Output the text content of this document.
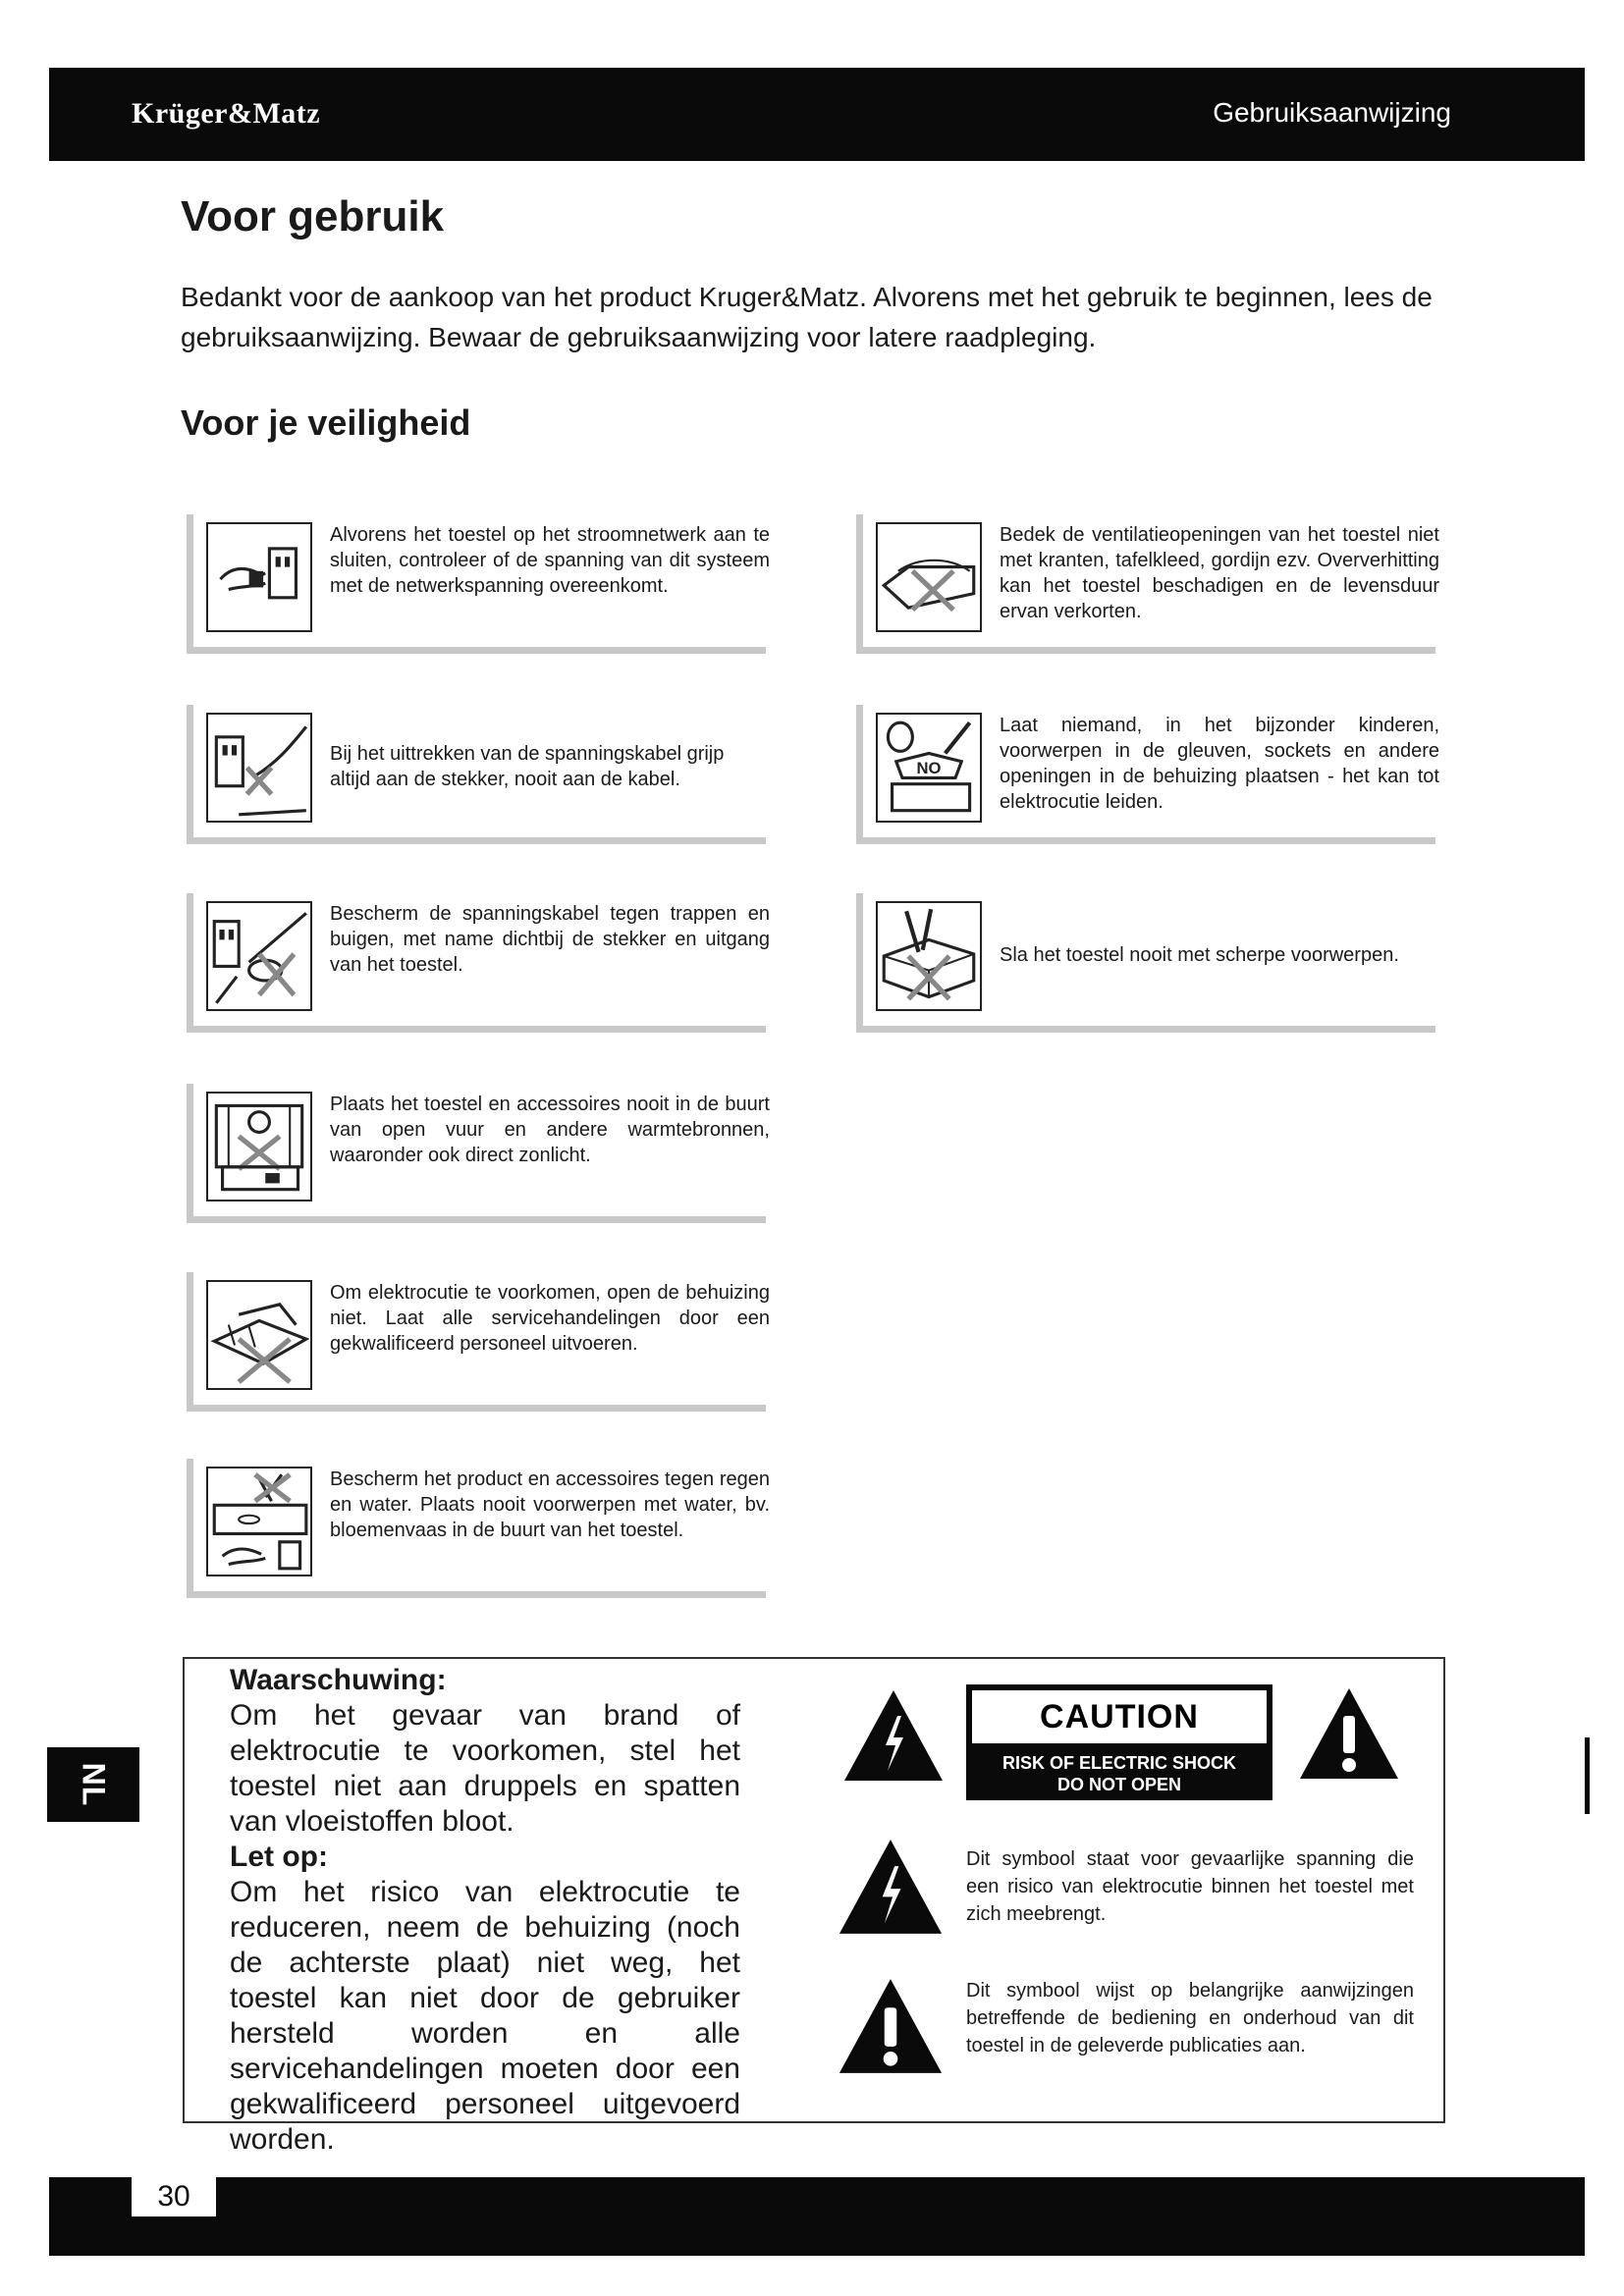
Krüger&Matz	Gebruiksaanwijzing
Voor gebruik

Bedankt voor de aankoop van het product Kruger&Matz. Alvorens met het gebruik te beginnen, lees de gebruiksaanwijzing. Bewaar de gebruiksaanwijzing voor latere raadpleging.

Voor je veiligheid

Alvorens het toestel op het stroomnetwerk aan te sluiten, controleer of de spanning van dit systeem met de netwerkspanning overeenkomt.

Bij het uittrekken van de spanningskabel grijp altijd aan de stekker, nooit aan de kabel.

Bescherm de spanningskabel tegen trappen en buigen, met name dichtbij de stekker en uitgang van het toestel.

Plaats het toestel en accessoires nooit in de buurt van open vuur en andere warmtebronnen, waaronder ook direct zonlicht.

Om elektrocutie te voorkomen, open de behuizing niet. Laat alle servicehandelingen door een gekwalificeerd personeel uitvoeren.

Bescherm het product en accessoires tegen regen en water. Plaats nooit voorwerpen met water, bv. bloemenvaas in de buurt van het toestel.

Bedek de ventilatieopeningen van het toestel niet met kranten, tafelkleed, gordijn ezv. Oververhitting kan het toestel beschadigen en de levensduur ervan verkorten.

NO

Laat niemand, in het bijzonder kinderen, voorwerpen in de gleuven, sockets en andere openingen in de behuizing plaatsen - het kan tot elektrocutie leiden.

Sla het toestel nooit met scherpe voorwerpen.

Waarschuwing:

Om het gevaar van brand of elektrocutie te voorkomen, stel het toestel niet aan druppels en spatten van vloeistoffen bloot.

Let op:

Om het risico van elektrocutie te reduceren, neem de behuizing (noch de achterste plaat) niet weg, het toestel kan niet door de gebruiker hersteld worden en alle servicehandelingen moeten door een gekwalificeerd personeel uitgevoerd worden.

CAUTION
RISK OF ELECTRIC SHOCK
DO NOT OPEN

Dit symbool staat voor gevaarlijke spanning die een risico van elektrocutie binnen het toestel met zich meebrengt.

Dit symbool wijst op belangrijke aanwijzingen betreffende de bediening en onderhoud van dit toestel in de geleverde publicaties aan.

NL
30
